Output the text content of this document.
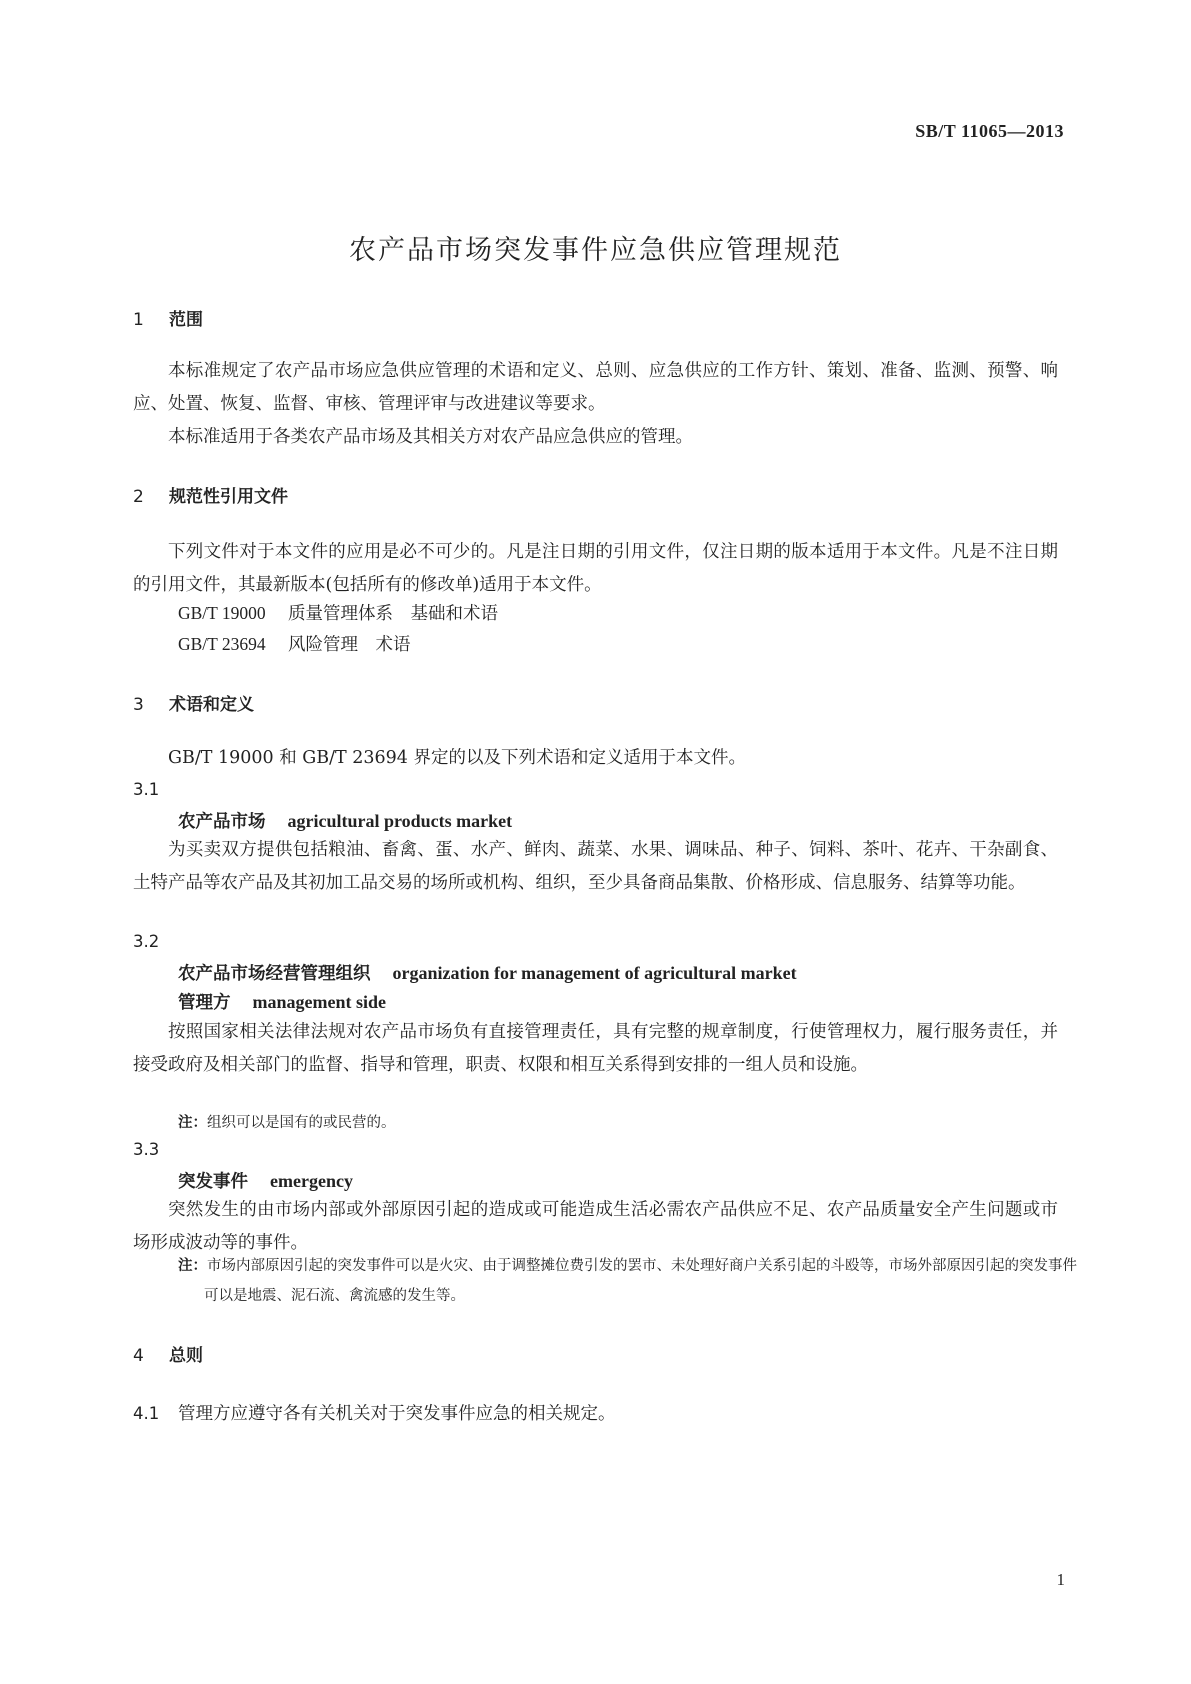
SB/T 11065—2013
农产品市场突发事件应急供应管理规范
1 范围
本标准规定了农产品市场应急供应管理的术语和定义、总则、应急供应的工作方针、策划、准备、监测、预警、响应、处置、恢复、监督、审核、管理评审与改进建议等要求。
本标准适用于各类农产品市场及其相关方对农产品应急供应的管理。
2 规范性引用文件
下列文件对于本文件的应用是必不可少的。凡是注日期的引用文件，仅注日期的版本适用于本文件。凡是不注日期的引用文件，其最新版本(包括所有的修改单)适用于本文件。
GB/T 19000 质量管理体系　基础和术语
GB/T 23694 风险管理　术语
3 术语和定义
GB/T 19000 和 GB/T 23694 界定的以及下列术语和定义适用于本文件。
3.1
农产品市场 agricultural products market
为买卖双方提供包括粮油、畜禽、蛋、水产、鲜肉、蔬菜、水果、调味品、种子、饲料、茶叶、花卉、干杂副食、土特产品等农产品及其初加工品交易的场所或机构、组织，至少具备商品集散、价格形成、信息服务、结算等功能。
3.2
农产品市场经营管理组织 organization for management of agricultural market
管理方 management side
按照国家相关法律法规对农产品市场负有直接管理责任，具有完整的规章制度，行使管理权力，履行服务责任，并接受政府及相关部门的监督、指导和管理，职责、权限和相互关系得到安排的一组人员和设施。
注：组织可以是国有的或民营的。
3.3
突发事件 emergency
突然发生的由市场内部或外部原因引起的造成或可能造成生活必需农产品供应不足、农产品质量安全产生问题或市场形成波动等的事件。
注：市场内部原因引起的突发事件可以是火灾、由于调整摊位费引发的罢市、未处理好商户关系引起的斗殴等，市场外部原因引起的突发事件可以是地震、泥石流、禽流感的发生等。
4 总则
4.1 管理方应遵守各有关机关对于突发事件应急的相关规定。
1
